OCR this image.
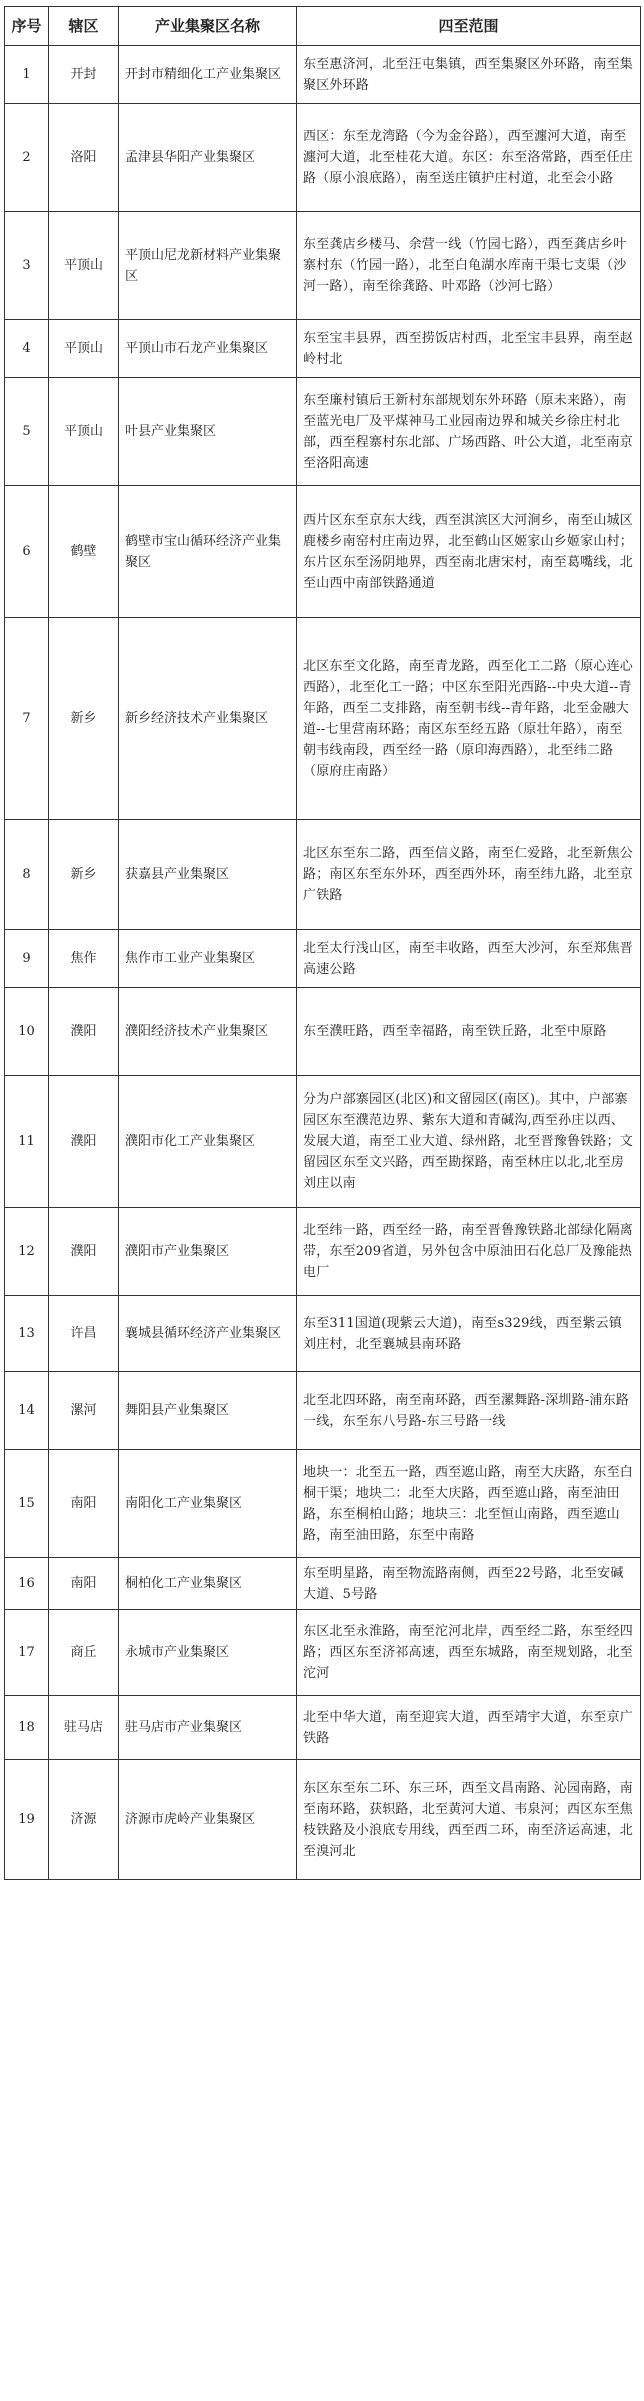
序号	辖区	产业集聚区名称	四至范围
1	开封	开封市精细化工产业集聚区	东至惠济河，北至汪屯集镇，西至集聚区外环路，南至集聚区外环路
2	洛阳	孟津县华阳产业集聚区	西区：东至龙湾路（今为金谷路），西至瀍河大道，南至瀍河大道，北至桂花大道。东区：东至洛常路，西至任庄路（原小浪底路），南至送庄镇护庄村道，北至会小路
3	平顶山	平顶山尼龙新材料产业集聚区	东至龚店乡楼马、余营一线（竹园七路），西至龚店乡叶寨村东（竹园一路），北至白龟湖水库南干渠七支渠（沙河一路），南至徐龚路、叶邓路（沙河七路）
4	平顶山	平顶山市石龙产业集聚区	东至宝丰县界，西至捞饭店村西，北至宝丰县界，南至赵岭村北
5	平顶山	叶县产业集聚区	东至廉村镇后王新村东部规划东外环路（原未来路），南至蓝光电厂及平煤神马工业园南边界和城关乡徐庄村北部，西至程寨村东北部、广场西路、叶公大道，北至南京至洛阳高速
6	鹤壁	鹤壁市宝山循环经济产业集聚区	西片区东至京东大线，西至淇滨区大河涧乡，南至山城区鹿楼乡南窑村庄南边界，北至鹤山区姬家山乡姬家山村；东片区东至汤阴地界，西至南北唐宋村，南至葛嘴线，北至山西中南部铁路通道
7	新乡	新乡经济技术产业集聚区	北区东至文化路，南至青龙路，西至化工二路（原心连心西路），北至化工一路；中区东至阳光西路--中央大道--青年路，西至二支排路，南至朝韦线--青年路，北至金融大道--七里营南环路；南区东至经五路（原壮年路），南至朝韦线南段，西至经一路（原印海西路），北至纬二路（原府庄南路）
8	新乡	获嘉县产业集聚区	北区东至东二路，西至信义路，南至仁爱路，北至新焦公路；南区东至东外环，西至西外环，南至纬九路，北至京广铁路
9	焦作	焦作市工业产业集聚区	北至太行浅山区，南至丰收路，西至大沙河，东至郑焦晋高速公路
10	濮阳	濮阳经济技术产业集聚区	东至濮旺路，西至幸福路，南至铁丘路，北至中原路
11	濮阳	濮阳市化工产业集聚区	分为户部寨园区(北区)和文留园区(南区)。其中，户部寨园区东至濮范边界、紫东大道和青碱沟,西至孙庄以西、发展大道，南至工业大道、绿州路，北至晋豫鲁铁路；文留园区东至文兴路，西至勘探路，南至林庄以北,北至房刘庄以南
12	濮阳	濮阳市产业集聚区	北至纬一路，西至经一路，南至晋鲁豫铁路北部绿化隔离带，东至209省道，另外包含中原油田石化总厂及豫能热电厂
13	许昌	襄城县循环经济产业集聚区	东至311国道(现紫云大道)，南至s329线，西至紫云镇刘庄村，北至襄城县南环路
14	漯河	舞阳县产业集聚区	北至北四环路，南至南环路，西至漯舞路-深圳路-浦东路一线，东至东八号路-东三号路一线
15	南阳	南阳化工产业集聚区	地块一：北至五一路，西至遮山路，南至大庆路，东至白桐干渠；地块二：北至大庆路，西至遮山路，南至油田路，东至桐柏山路；地块三：北至恒山南路，西至遮山路，南至油田路，东至中南路
16	南阳	桐柏化工产业集聚区	东至明星路，南至物流路南侧，西至22号路，北至安碱大道、5号路
17	商丘	永城市产业集聚区	东区北至永淮路，南至沱河北岸，西至经二路，东至经四路；西区东至济祁高速，西至东城路，南至规划路，北至沱河
18	驻马店	驻马店市产业集聚区	北至中华大道，南至迎宾大道，西至靖宇大道，东至京广铁路
19	济源	济源市虎岭产业集聚区	东区东至东二环、东三环，西至文昌南路、沁园南路，南至南环路，获轵路，北至黄河大道、韦泉河；西区东至焦枝铁路及小浪底专用线，西至西二环，南至济运高速，北至溴河北
